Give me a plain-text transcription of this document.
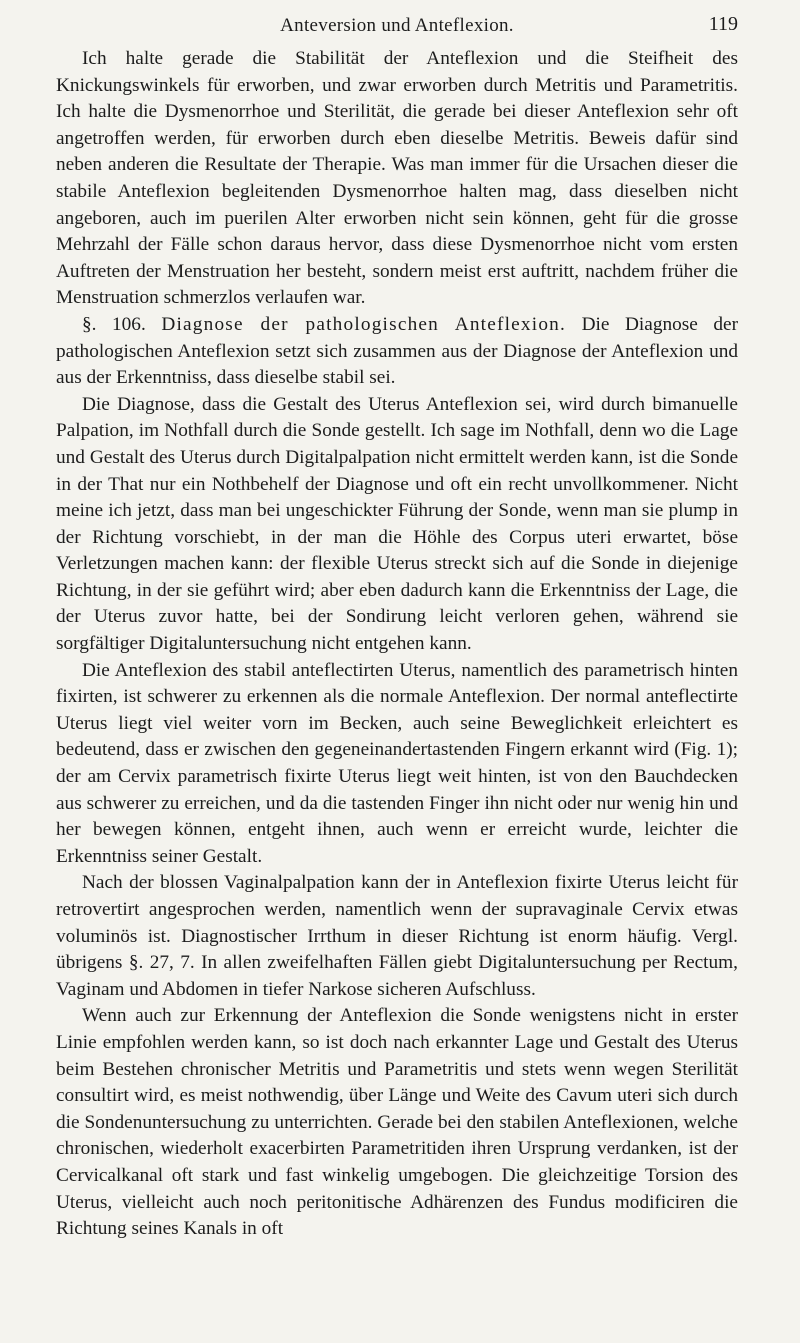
Anteversion und Anteflexion.	119

Ich halte gerade die Stabilität der Anteflexion und die Steifheit des Knickungswinkels für erworben, und zwar erworben durch Metritis und Parametritis. Ich halte die Dysmenorrhoe und Sterilität, die gerade bei dieser Anteflexion sehr oft angetroffen werden, für erworben durch eben dieselbe Metritis. Beweis dafür sind neben anderen die Resultate der Therapie. Was man immer für die Ursachen dieser die stabile Anteflexion begleitenden Dysmenorrhoe halten mag, dass dieselben nicht angeboren, auch im puerilen Alter erworben nicht sein können, geht für die grosse Mehrzahl der Fälle schon daraus hervor, dass diese Dysmenorrhoe nicht vom ersten Auftreten der Menstruation her besteht, sondern meist erst auftritt, nachdem früher die Menstruation schmerzlos verlaufen war.

§. 106. Diagnose der pathologischen Anteflexion. Die Diagnose der pathologischen Anteflexion setzt sich zusammen aus der Diagnose der Anteflexion und aus der Erkenntniss, dass dieselbe stabil sei.

Die Diagnose, dass die Gestalt des Uterus Anteflexion sei, wird durch bimanuelle Palpation, im Nothfall durch die Sonde gestellt. Ich sage im Nothfall, denn wo die Lage und Gestalt des Uterus durch Digitalpalpation nicht ermittelt werden kann, ist die Sonde in der That nur ein Nothbehelf der Diagnose und oft ein recht unvollkommener. Nicht meine ich jetzt, dass man bei ungeschickter Führung der Sonde, wenn man sie plump in der Richtung vorschiebt, in der man die Höhle des Corpus uteri erwartet, böse Verletzungen machen kann: der flexible Uterus streckt sich auf die Sonde in diejenige Richtung, in der sie geführt wird; aber eben dadurch kann die Erkenntniss der Lage, die der Uterus zuvor hatte, bei der Sondirung leicht verloren gehen, während sie sorgfältiger Digitaluntersuchung nicht entgehen kann.

Die Anteflexion des stabil anteflectirten Uterus, namentlich des parametrisch hinten fixirten, ist schwerer zu erkennen als die normale Anteflexion. Der normal anteflectirte Uterus liegt viel weiter vorn im Becken, auch seine Beweglichkeit erleichtert es bedeutend, dass er zwischen den gegeneinandertastenden Fingern erkannt wird (Fig. 1); der am Cervix parametrisch fixirte Uterus liegt weit hinten, ist von den Bauchdecken aus schwerer zu erreichen, und da die tastenden Finger ihn nicht oder nur wenig hin und her bewegen können, entgeht ihnen, auch wenn er erreicht wurde, leichter die Erkenntniss seiner Gestalt.

Nach der blossen Vaginalpalpation kann der in Anteflexion fixirte Uterus leicht für retrovertirt angesprochen werden, namentlich wenn der supravaginale Cervix etwas voluminös ist. Diagnostischer Irrthum in dieser Richtung ist enorm häufig. Vergl. übrigens §. 27, 7. In allen zweifelhaften Fällen giebt Digitaluntersuchung per Rectum, Vaginam und Abdomen in tiefer Narkose sicheren Aufschluss.

Wenn auch zur Erkennung der Anteflexion die Sonde wenigstens nicht in erster Linie empfohlen werden kann, so ist doch nach erkannter Lage und Gestalt des Uterus beim Bestehen chronischer Metritis und Parametritis und stets wenn wegen Sterilität consultirt wird, es meist nothwendig, über Länge und Weite des Cavum uteri sich durch die Sondenuntersuchung zu unterrichten. Gerade bei den stabilen Anteflexionen, welche chronischen, wiederholt exacerbirten Parametritiden ihren Ursprung verdanken, ist der Cervicalkanal oft stark und fast winkelig umgebogen. Die gleichzeitige Torsion des Uterus, vielleicht auch noch peritonitische Adhärenzen des Fundus modificiren die Richtung seines Kanals in oft
